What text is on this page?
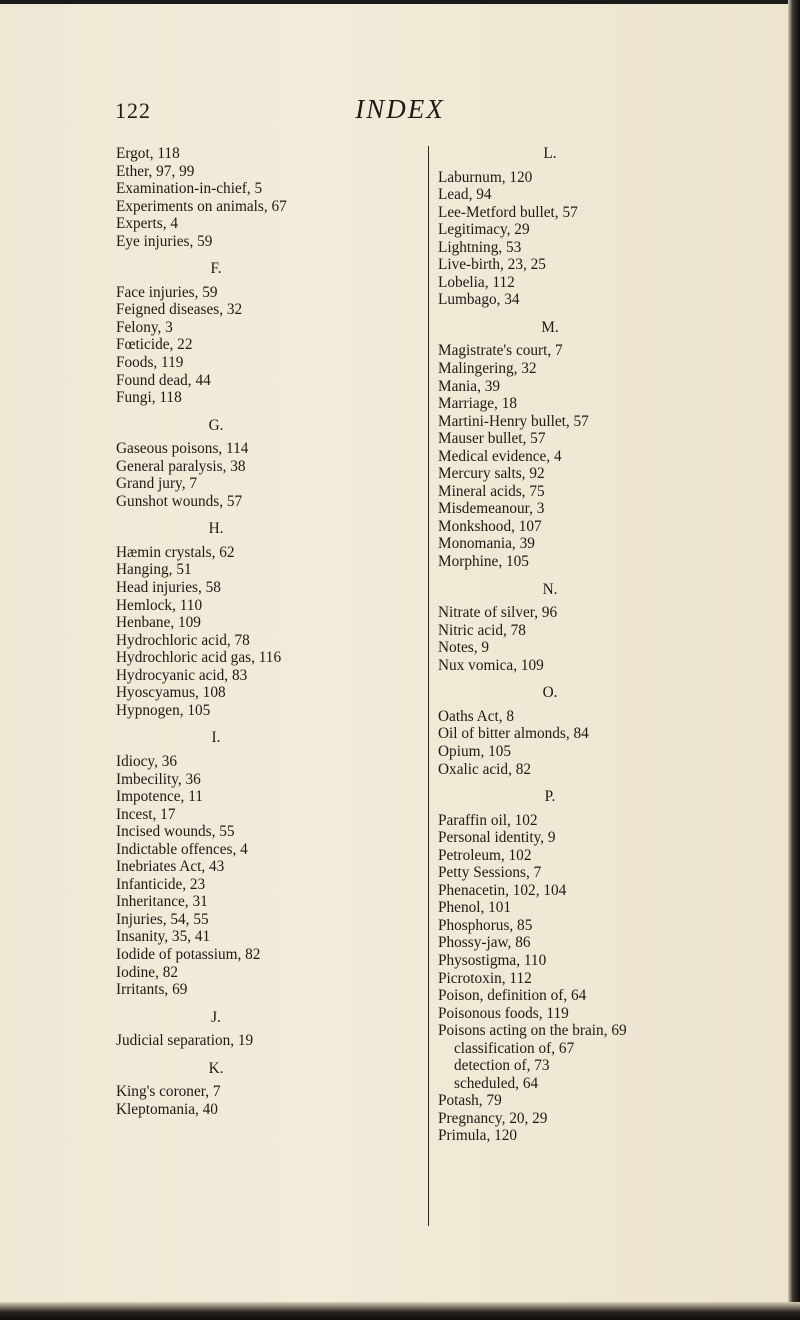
122	INDEX
Ergot, 118
Ether, 97, 99
Examination-in-chief, 5
Experiments on animals, 67
Experts, 4
Eye injuries, 59
F.
Face injuries, 59
Feigned diseases, 32
Felony, 3
Fœticide, 22
Foods, 119
Found dead, 44
Fungi, 118
G.
Gaseous poisons, 114
General paralysis, 38
Grand jury, 7
Gunshot wounds, 57
H.
Hæmin crystals, 62
Hanging, 51
Head injuries, 58
Hemlock, 110
Henbane, 109
Hydrochloric acid, 78
Hydrochloric acid gas, 116
Hydrocyanic acid, 83
Hyoscyamus, 108
Hypnogen, 105
I.
Idiocy, 36
Imbecility, 36
Impotence, 11
Incest, 17
Incised wounds, 55
Indictable offences, 4
Inebriates Act, 43
Infanticide, 23
Inheritance, 31
Injuries, 54, 55
Insanity, 35, 41
Iodide of potassium, 82
Iodine, 82
Irritants, 69
J.
Judicial separation, 19
K.
King's coroner, 7
Kleptomania, 40
L.
Laburnum, 120
Lead, 94
Lee-Metford bullet, 57
Legitimacy, 29
Lightning, 53
Live-birth, 23, 25
Lobelia, 112
Lumbago, 34
M.
Magistrate's court, 7
Malingering, 32
Mania, 39
Marriage, 18
Martini-Henry bullet, 57
Mauser bullet, 57
Medical evidence, 4
Mercury salts, 92
Mineral acids, 75
Misdemeanour, 3
Monkshood, 107
Monomania, 39
Morphine, 105
N.
Nitrate of silver, 96
Nitric acid, 78
Notes, 9
Nux vomica, 109
O.
Oaths Act, 8
Oil of bitter almonds, 84
Opium, 105
Oxalic acid, 82
P.
Paraffin oil, 102
Personal identity, 9
Petroleum, 102
Petty Sessions, 7
Phenacetin, 102, 104
Phenol, 101
Phosphorus, 85
Phossy-jaw, 86
Physostigma, 110
Picrotoxin, 112
Poison, definition of, 64
Poisonous foods, 119
Poisons acting on the brain, 69
classification of, 67
detection of, 73
scheduled, 64
Potash, 79
Pregnancy, 20, 29
Primula, 120
